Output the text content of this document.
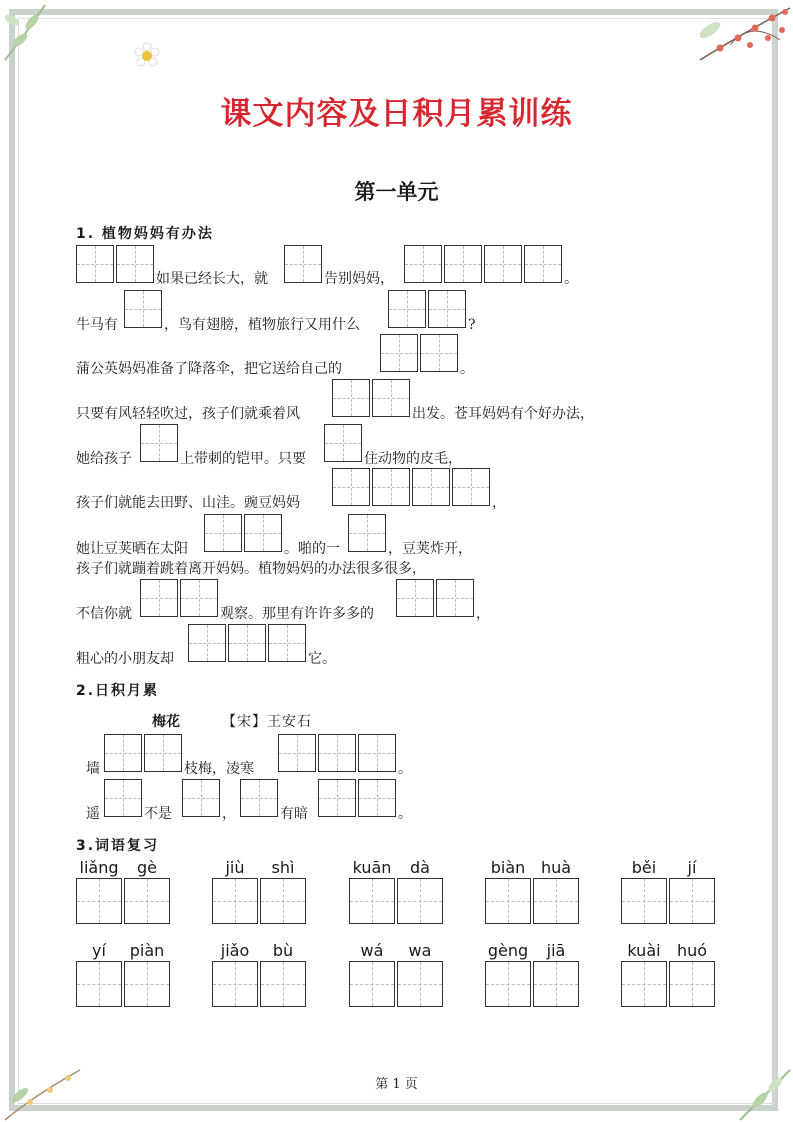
课文内容及日积月累训练
第一单元
1. 植物妈妈有办法
如果已经长大，就	告别妈妈，	。
牛马有	，鸟有翅膀，植物旅行又用什么	?
蒲公英妈妈准备了降落伞，把它送给自己的	。
只要有风轻轻吹过，孩子们就乘着风	出发。苍耳妈妈有个好办法，
她给孩子	上带刺的铠甲。只要	住动物的皮毛，
孩子们就能去田野、山洼。豌豆妈妈	，
她让豆荚晒在太阳	。啪的一	，豆荚炸开，
孩子们就蹦着跳着离开妈妈。植物妈妈的办法很多很多，
不信你就	观察。那里有许许多多的	，
粗心的小朋友却	它。
2.日积月累
梅花	【宋】王安石
墙	枝梅，凌寒	。
遥	不是	，	有暗	。
3.词语复习
liǎng	gè	jiù	shì	kuān	dà	biàn huà	běi	jí
yí	piàn	jiǎo	bù	wá	wa	gèng	jiā	kuài	huó
第 1 页
